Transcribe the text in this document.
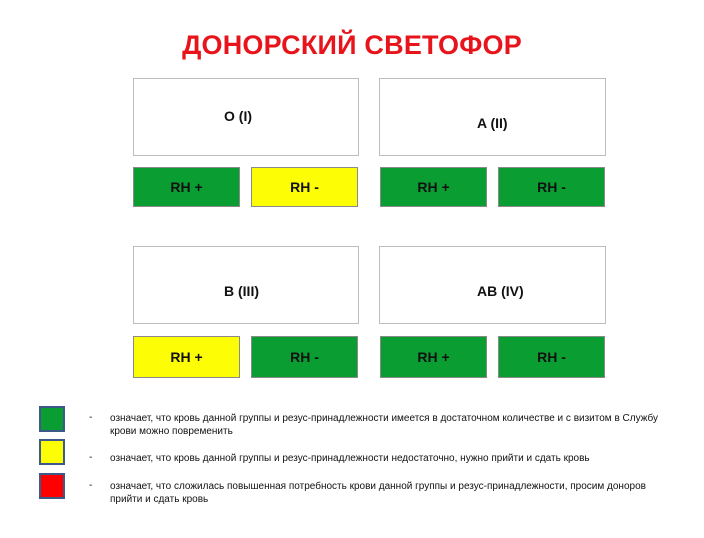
ДОНОРСКИЙ СВЕТОФОР
O (I)
RH +	RH -
A (II)
RH +	RH -
B (III)
RH +	RH -
AB (IV)
RH +	RH -
- означает, что кровь данной группы и резус-принадлежности имеется в достаточном количестве и с визитом в Службу крови можно повременить
- означает, что кровь данной группы и резус-принадлежности недостаточно, нужно прийти и сдать кровь
- означает, что сложилась повышенная потребность крови данной группы и резус-принадлежности, просим доноров прийти и сдать кровь
